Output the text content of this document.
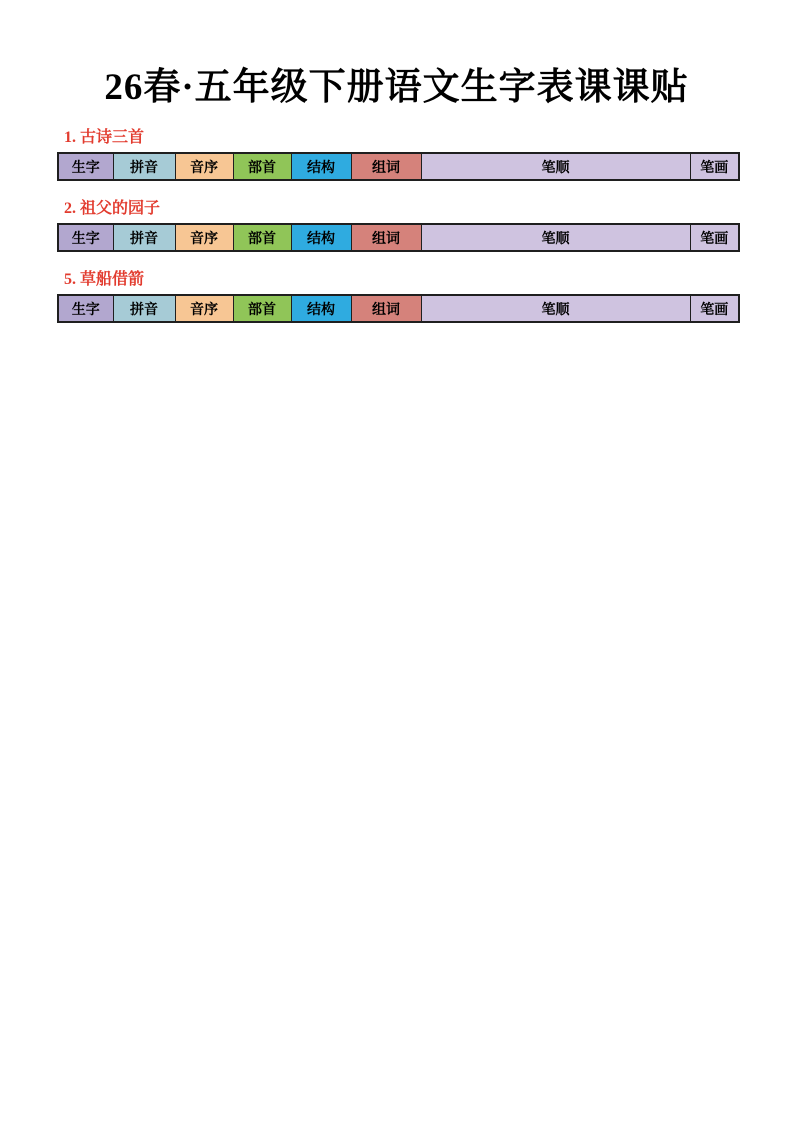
26春·五年级下册语文生字表课课贴
1. 古诗三首
生字	拼音	音序	部首	结构	组词	笔顺	笔画
2. 祖父的园子
生字	拼音	音序	部首	结构	组词	笔顺	笔画
5. 草船借箭
生字	拼音	音序	部首	结构	组词	笔顺	笔画
